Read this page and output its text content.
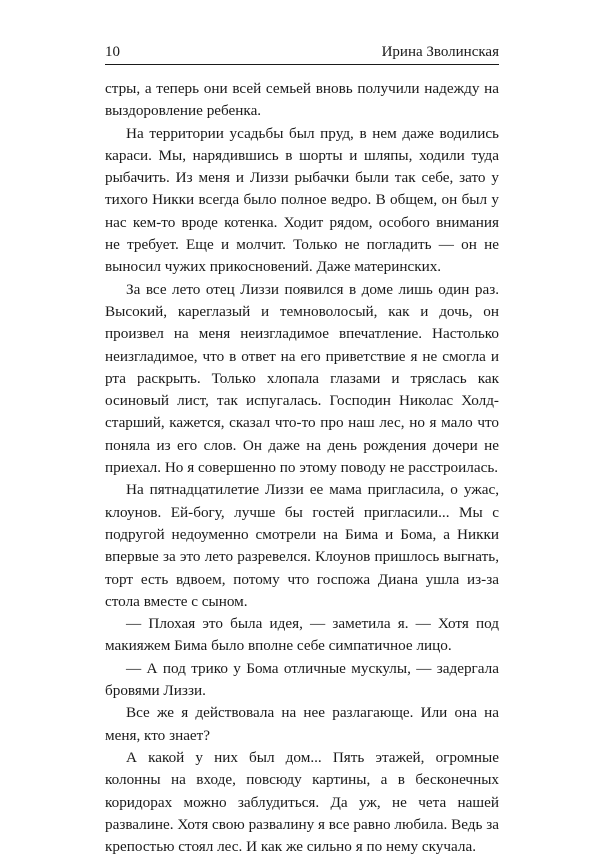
10	Ирина Зволинская

стры, а теперь они всей семьей вновь получили надежду на выздоровление ребенка.

На территории усадьбы был пруд, в нем даже водились караси. Мы, нарядившись в шорты и шляпы, ходили туда рыбачить. Из меня и Лиззи рыбачки были так себе, зато у тихого Никки всегда было полное ведро. В общем, он был у нас кем-то вроде котенка. Ходит рядом, особого внимания не требует. Еще и молчит. Только не погладить — он не выносил чужих прикосновений. Даже материнских.

За все лето отец Лиззи появился в доме лишь один раз. Высокий, кареглазый и темноволосый, как и дочь, он произвел на меня неизгладимое впечатление. Настолько неизгладимое, что в ответ на его приветствие я не смогла и рта раскрыть. Только хлопала глазами и тряслась как осиновый лист, так испугалась. Господин Николас Холд-старший, кажется, сказал что-то про наш лес, но я мало что поняла из его слов. Он даже на день рождения дочери не приехал. Но я совершенно по этому поводу не расстроилась.

На пятнадцатилетие Лиззи ее мама пригласила, о ужас, клоунов. Ей-богу, лучше бы гостей пригласили... Мы с подругой недоуменно смотрели на Бима и Бома, а Никки впервые за это лето разревелся. Клоунов пришлось выгнать, торт есть вдвоем, потому что госпожа Диана ушла из-за стола вместе с сыном.

— Плохая это была идея, — заметила я. — Хотя под макияжем Бима было вполне себе симпатичное лицо.

— А под трико у Бома отличные мускулы, — задергала бровями Лиззи.

Все же я действовала на нее разлагающе. Или она на меня, кто знает?

А какой у них был дом... Пять этажей, огромные колонны на входе, повсюду картины, а в бесконечных коридорах можно заблудиться. Да уж, не чета нашей развалине. Хотя свою развалину я все равно любила. Ведь за крепостью стоял лес. И как же сильно я по нему скучала.
